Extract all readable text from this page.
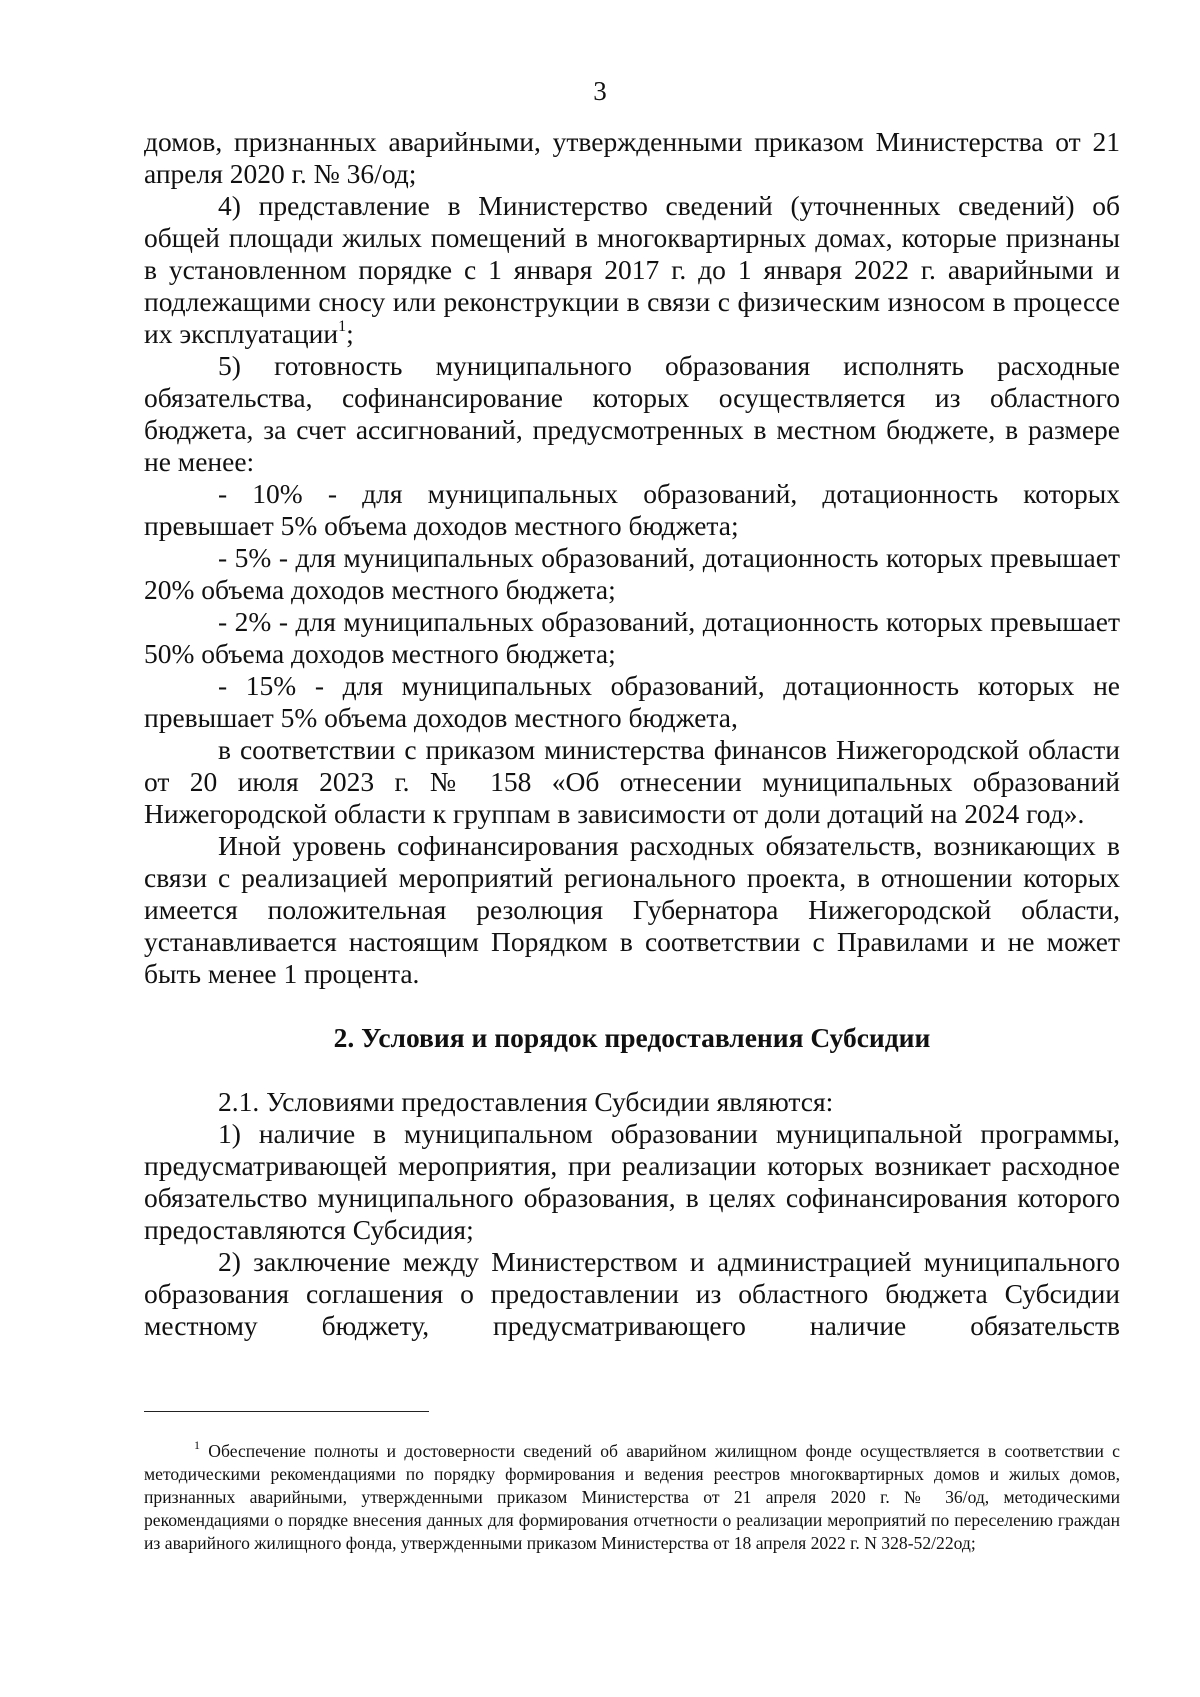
3

домов, признанных аварийными, утвержденными приказом Министерства от 21 апреля 2020 г. № 36/од;

4) представление в Министерство сведений (уточненных сведений) об общей площади жилых помещений в многоквартирных домах, которые признаны в установленном порядке с 1 января 2017 г. до 1 января 2022 г. аварийными и подлежащими сносу или реконструкции в связи с физическим износом в процессе их эксплуатации$^1$;

5) готовность муниципального образования исполнять расходные обязательства, софинансирование которых осуществляется из областного бюджета, за счет ассигнований, предусмотренных в местном бюджете, в размере не менее:

- 10% - для муниципальных образований, дотационность которых превышает 5% объема доходов местного бюджета;

- 5% - для муниципальных образований, дотационность которых превышает 20% объема доходов местного бюджета;

- 2% - для муниципальных образований, дотационность которых превышает 50% объема доходов местного бюджета;

- 15% - для муниципальных образований, дотационность которых не превышает 5% объема доходов местного бюджета,

в соответствии с приказом министерства финансов Нижегородской области от 20 июля 2023 г. № 158 «Об отнесении муниципальных образований Нижегородской области к группам в зависимости от доли дотаций на 2024 год».

Иной уровень софинансирования расходных обязательств, возникающих в связи с реализацией мероприятий регионального проекта, в отношении которых имеется положительная резолюция Губернатора Нижегородской области, устанавливается настоящим Порядком в соответствии с Правилами и не может быть менее 1 процента.

2. Условия и порядок предоставления Субсидии

2.1. Условиями предоставления Субсидии являются:

1) наличие в муниципальном образовании муниципальной программы, предусматривающей мероприятия, при реализации которых возникает расходное обязательство муниципального образования, в целях софинансирования которого предоставляются Субсидия;

2) заключение между Министерством и администрацией муниципального образования соглашения о предоставлении из областного бюджета Субсидии местному бюджету, предусматривающего наличие обязательств

$^1$ Обеспечение полноты и достоверности сведений об аварийном жилищном фонде осуществляется в соответствии с методическими рекомендациями по порядку формирования и ведения реестров многоквартирных домов и жилых домов, признанных аварийными, утвержденными приказом Министерства от 21 апреля 2020 г. № 36/од, методическими рекомендациями о порядке внесения данных для формирования отчетности о реализации мероприятий по переселению граждан из аварийного жилищного фонда, утвержденными приказом Министерства от 18 апреля 2022 г. N 328-52/22од;
